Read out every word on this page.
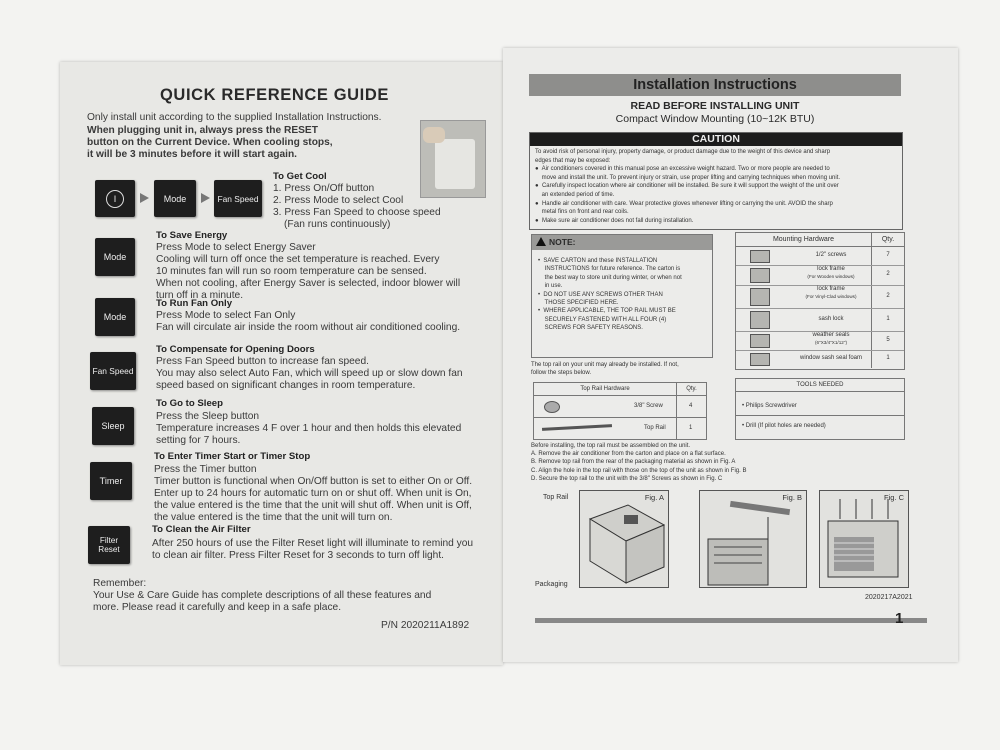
QUICK REFERENCE GUIDE
Only install unit according to the supplied Installation Instructions.
When plugging unit in, always press the RESET
button on the Current Device. When cooling stops,
it will be 3 minutes before it will start again.
I	Mode	Fan Speed
To Get Cool
1. Press On/Off button
2. Press Mode to select Cool
3. Press Fan Speed to choose speed
(Fan runs continuously)
Mode
To Save Energy
Press Mode to select Energy Saver
Cooling will turn off once the set temperature is reached. Every
10 minutes fan will run so room temperature can be sensed.
When not cooling, after Energy Saver is selected, indoor blower will
turn off in a minute.
Mode
To Run Fan Only
Press Mode to select Fan Only
Fan will circulate air inside the room without air conditioned cooling.
Fan Speed
To Compensate for Opening Doors
Press Fan Speed button to increase fan speed.
You may also select Auto Fan, which will speed up or slow down fan
speed based on significant changes in room temperature.
Sleep
To Go to Sleep
Press the Sleep button
Temperature increases 4 F over 1 hour and then holds this elevated
setting for 7 hours.
Timer
To Enter Timer Start or Timer Stop
Press the Timer button
Timer button is functional when On/Off button is set to either On or Off.
Enter up to 24 hours for automatic turn on or shut off. When unit is On,
the value entered is the time that the unit will shut off. When unit is Off,
the value entered is the time that the unit will turn on.
Filter
Reset
To Clean the Air Filter
After 250 hours of use the Filter Reset light will illuminate to remind you
to clean air filter. Press Filter Reset for 3 seconds to turn off light.
Remember:
Your Use & Care Guide has complete descriptions of all these features and
more. Please read it carefully and keep in a safe place.
P/N 2020211A1892
Installation Instructions
READ BEFORE INSTALLING UNIT
Compact Window Mounting (10~12K BTU)
CAUTION
To avoid risk of personal injury, property damage, or product damage due to the weight of this device and sharp
edges that may be exposed:
●  Air conditioners covered in this manual pose an excessive weight hazard. Two or more people are needed to
move and install the unit. To prevent injury or strain, use proper lifting and carrying techniques when moving unit.
●  Carefully inspect location where air conditioner will be installed. Be sure it will support the weight of the unit over
an extended period of time.
●  Handle air conditioner with care. Wear protective gloves whenever lifting or carrying the unit. AVOID the sharp
metal fins on front and rear coils.
●  Make sure air conditioner does not fall during installation.
NOTE:
•  SAVE CARTON and these INSTALLATION
INSTRUCTIONS for future reference. The carton is
the best way to store unit during winter, or when not
in use.
•  DO NOT USE ANY SCREWS OTHER THAN
THOSE SPECIFIED HERE.
•  WHERE APPLICABLE, THE TOP RAIL MUST BE
SECURELY FASTENED WITH ALL FOUR (4)
SCREWS FOR SAFETY REASONS.
Mounting Hardware	Qty.
1/2" screws	7
lock frame
(For Wooden windows)	2
lock frame
(For Vinyl-Clad windows)	2
sash lock	1
weather seals
(6"X3/4"X1/12")	5
window sash seal foam	1
The top rail on your unit may already be installed. If not,
follow the steps below.
Top Rail Hardware	Qty.
3/8" Screw	4
Top Rail	1
TOOLS NEEDED
• Philips Screwdriver
• Drill (If pilot holes are needed)
Before installing, the top rail must be assembled on the unit.
A. Remove the air conditioner from the carton and place on a flat surface.
B. Remove top rail from the rear of the packaging material as shown in Fig. A
C. Align the hole in the top rail with those on the top of the unit as shown in Fig. B
D. Secure the top rail to the unit with the 3/8" Screws as shown in Fig. C
Top Rail	Fig. A
Packaging
Fig. B	Fig. C
2020217A2021
1
